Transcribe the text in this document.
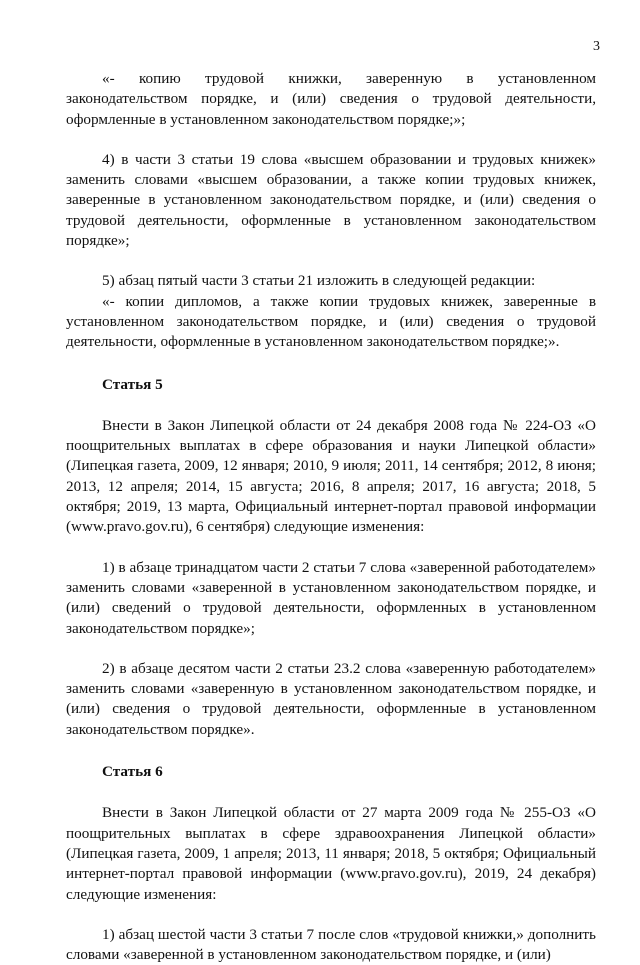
3

«- копию трудовой книжки, заверенную в установленном законодательством порядке, и (или) сведения о трудовой деятельности, оформленные в установленном законодательством порядке;»;

4) в части 3 статьи 19 слова «высшем образовании и трудовых книжек» заменить словами «высшем образовании, а также копии трудовых книжек, заверенные в установленном законодательством порядке, и (или) сведения о трудовой деятельности, оформленные в установленном законодательством порядке»;

5) абзац пятый части 3 статьи 21 изложить в следующей редакции:

«- копии дипломов, а также копии трудовых книжек, заверенные в установленном законодательством порядке, и (или) сведения о трудовой деятельности, оформленные в установленном законодательством порядке;».

Статья 5

Внести в Закон Липецкой области от 24 декабря 2008 года № 224-ОЗ «О поощрительных выплатах в сфере образования и науки Липецкой области» (Липецкая газета, 2009, 12 января; 2010, 9 июля; 2011, 14 сентября; 2012, 8 июня; 2013, 12 апреля; 2014, 15 августа; 2016, 8 апреля; 2017, 16 августа; 2018, 5 октября; 2019, 13 марта, Официальный интернет-портал правовой информации (www.pravo.gov.ru), 6 сентября) следующие изменения:

1) в абзаце тринадцатом части 2 статьи 7 слова «заверенной работодателем» заменить словами «заверенной в установленном законодательством порядке, и (или) сведений о трудовой деятельности, оформленных в установленном законодательством порядке»;

2) в абзаце десятом части 2 статьи 23.2 слова «заверенную работодателем» заменить словами «заверенную в установленном законодательством порядке, и (или) сведения о трудовой деятельности, оформленные в установленном законодательством порядке».

Статья 6

Внести в Закон Липецкой области от 27 марта 2009 года № 255-ОЗ «О поощрительных выплатах в сфере здравоохранения Липецкой области» (Липецкая газета, 2009, 1 апреля; 2013, 11 января; 2018, 5 октября; Официальный интернет-портал правовой информации (www.pravo.gov.ru), 2019, 24 декабря) следующие изменения:

1) абзац шестой части 3 статьи 7 после слов «трудовой книжки,» дополнить словами «заверенной в установленном законодательством порядке, и (или)
